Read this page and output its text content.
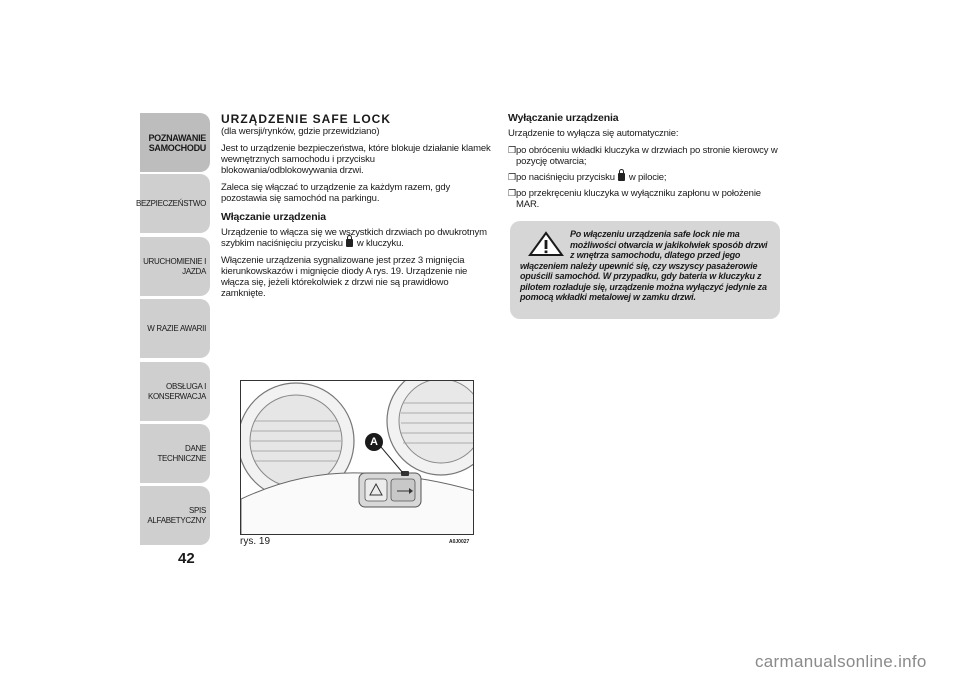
POZNAWANIE
SAMOCHODU
BEZPIECZEŃSTWO
URUCHOMIENIE I
JAZDA
W RAZIE AWARII
OBSŁUGA I
KONSERWACJA
DANE TECHNICZNE
SPIS ALFABETYCZNY
42

URZĄDZENIE SAFE LOCK

(dla wersji/rynków, gdzie przewidziano)

Jest to urządzenie bezpieczeństwa, które blokuje działanie klamek wewnętrznych samochodu i przycisku blokowania/odblokowywania drzwi.

Zaleca się włączać to urządzenie za każdym razem, gdy pozostawia się samochód na parkingu.

Włączanie urządzenia

Urządzenie to włącza się we wszystkich drzwiach po dwukrotnym szybkim naciśnięciu przycisku w kluczyku.

Włączenie urządzenia sygnalizowane jest przez 3 mignięcia kierunkowskazów i mignięcie diody A rys. 19. Urządzenie nie włącza się, jeżeli którekolwiek z drzwi nie są prawidłowo zamknięte.

Wyłączanie urządzenia

Urządzenie to wyłącza się automatycznie:

❒ po obróceniu wkładki kluczyka w drzwiach po stronie kierowcy w pozycję otwarcia;
❒ po naciśnięciu przycisku w pilocie;
❒ po przekręceniu kluczyka w wyłączniku zapłonu w położenie MAR.
Po włączeniu urządzenia safe lock nie ma możliwości otwarcia w jakikolwiek sposób drzwi z wnętrza samochodu, dlatego przed jego włączeniem należy upewnić się, czy wszyscy pasażerowie opuścili samochód. W przypadku, gdy bateria w kluczyku z pilotem rozładuje się, urządzenie można wyłączyć jedynie za pomocą wkładki metalowej w zamku drzwi.
A
rys. 19	A0J0027
carmanualsonline.info
